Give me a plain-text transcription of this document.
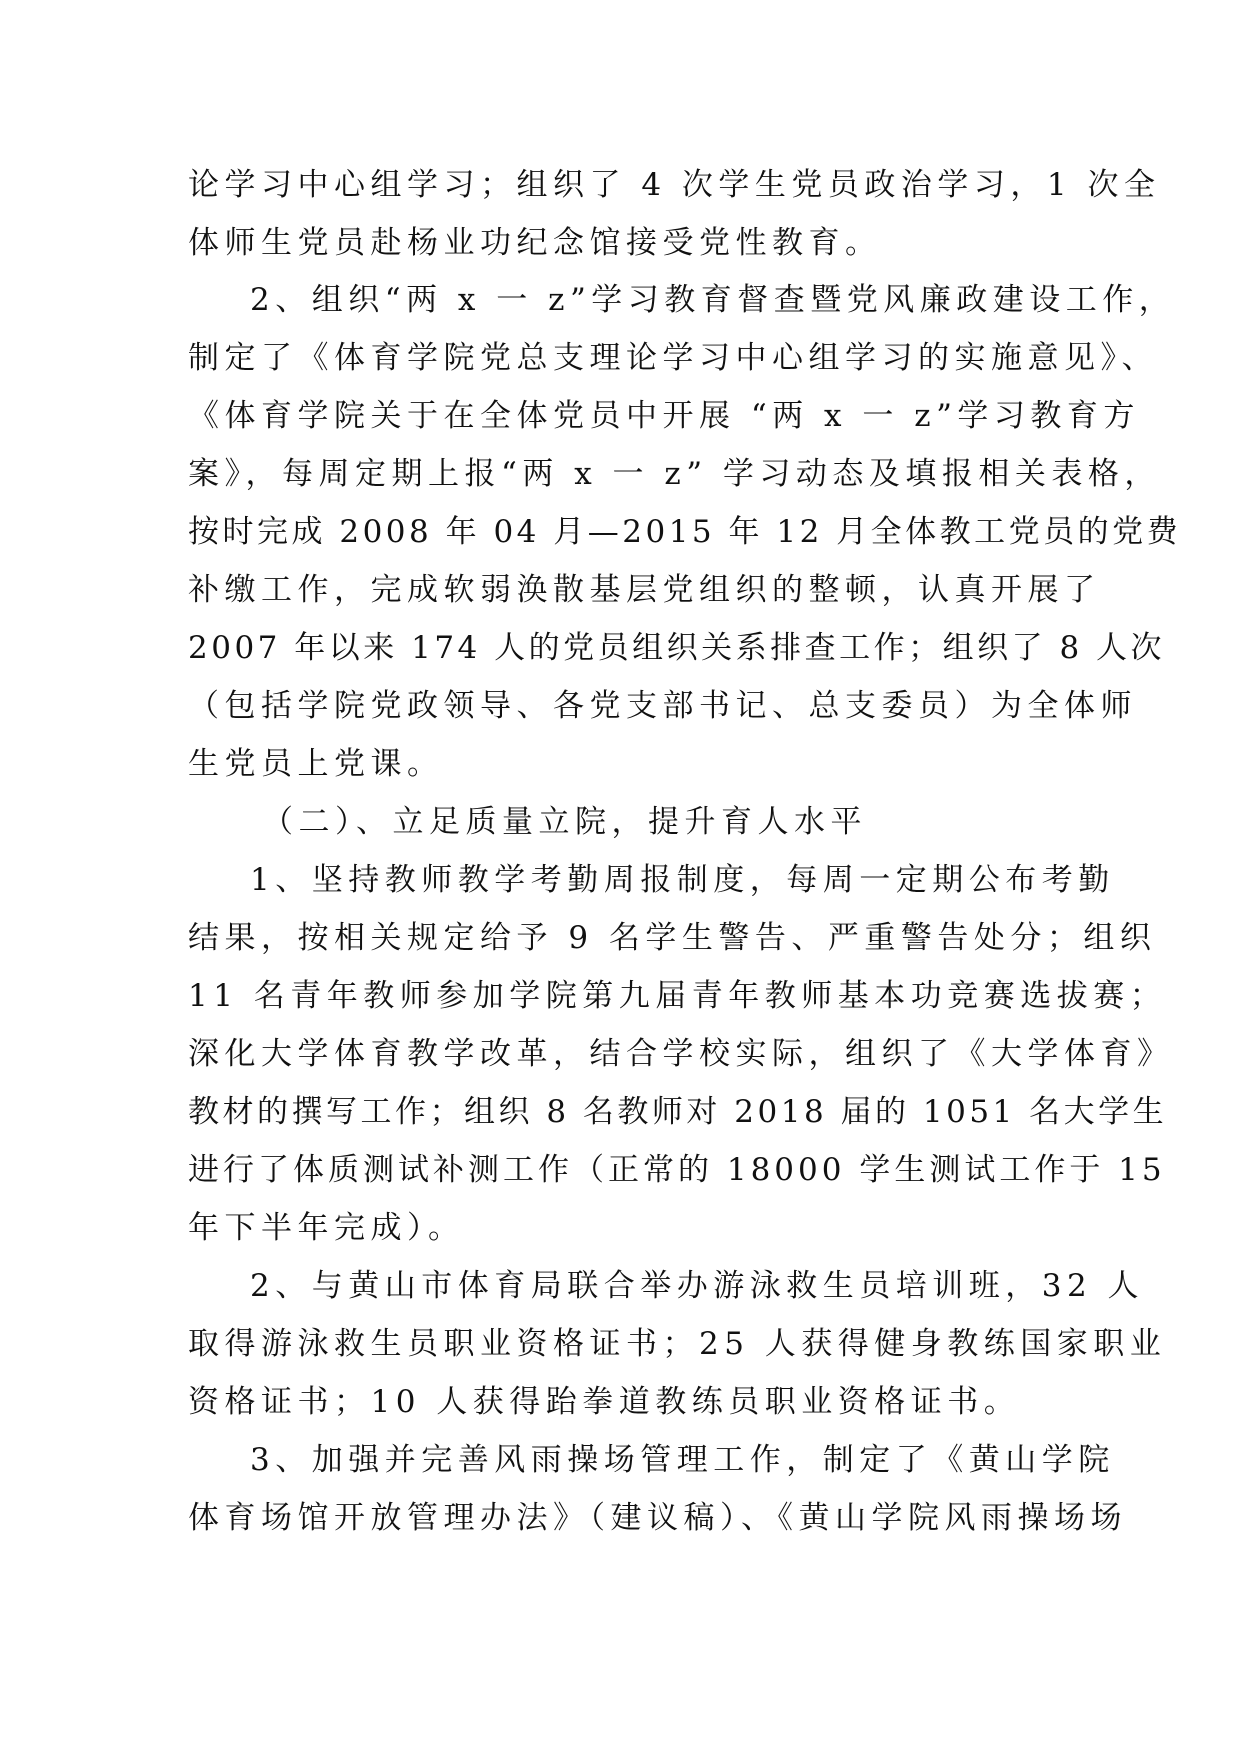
论学习中心组学习；组织了 4 次学生党员政治学习，1 次全
体师生党员赴杨业功纪念馆接受党性教育。
2、组织“两 x 一 z”学习教育督查暨党风廉政建设工作，
制定了《体育学院党总支理论学习中心组学习的实施意见》、
《体育学院关于在全体党员中开展 “两 x 一 z”学习教育方
案》，每周定期上报“两 x 一 z” 学习动态及填报相关表格，
按时完成 2008 年 04 月—2015 年 12 月全体教工党员的党费
补缴工作，完成软弱涣散基层党组织的整顿，认真开展了
2007 年以来 174 人的党员组织关系排查工作；组织了 8 人次
（包括学院党政领导、各党支部书记、总支委员）为全体师
生党员上党课。
（二）、立足质量立院，提升育人水平
1、坚持教师教学考勤周报制度，每周一定期公布考勤
结果，按相关规定给予 9 名学生警告、严重警告处分；组织
11 名青年教师参加学院第九届青年教师基本功竞赛选拔赛；
深化大学体育教学改革，结合学校实际，组织了《大学体育》
教材的撰写工作；组织 8 名教师对 2018 届的 1051 名大学生
进行了体质测试补测工作（正常的 18000 学生测试工作于 15
年下半年完成）。
2、与黄山市体育局联合举办游泳救生员培训班，32 人
取得游泳救生员职业资格证书；25 人获得健身教练国家职业
资格证书；10 人获得跆拳道教练员职业资格证书。
3、加强并完善风雨操场管理工作，制定了《黄山学院
体育场馆开放管理办法》（建议稿）、《黄山学院风雨操场场
